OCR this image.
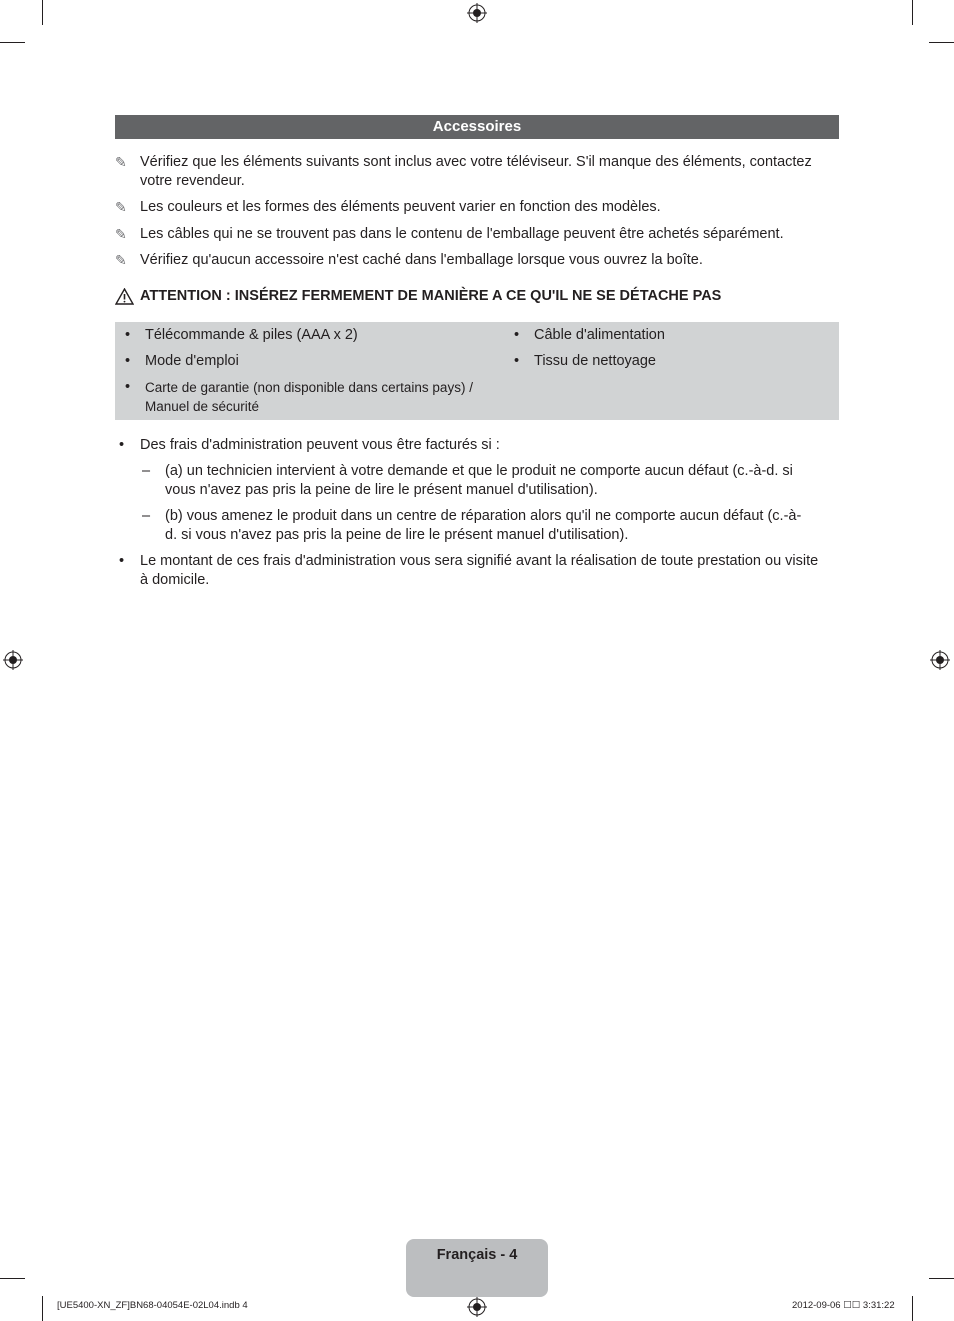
Accessoires
✎ Vérifiez que les éléments suivants sont inclus avec votre téléviseur. S'il manque des éléments, contactez votre revendeur.
✎ Les couleurs et les formes des éléments peuvent varier en fonction des modèles.
✎ Les câbles qui ne se trouvent pas dans le contenu de l'emballage peuvent être achetés séparément.
✎ Vérifiez qu'aucun accessoire n'est caché dans l'emballage lorsque vous ouvrez la boîte.
ATTENTION : INSÉREZ FERMEMENT DE MANIÈRE A CE QU'IL NE SE DÉTACHE PAS
• Télécommande & piles (AAA x 2)
• Mode d'emploi
• Carte de garantie (non disponible dans certains pays) / Manuel de sécurité
• Câble d'alimentation
• Tissu de nettoyage
• Des frais d'administration peuvent vous être facturés si :
– (a) un technicien intervient à votre demande et que le produit ne comporte aucun défaut (c.-à-d. si vous n'avez pas pris la peine de lire le présent manuel d'utilisation).
– (b) vous amenez le produit dans un centre de réparation alors qu'il ne comporte aucun défaut (c.-à-d. si vous n'avez pas pris la peine de lire le présent manuel d'utilisation).
• Le montant de ces frais d'administration vous sera signifié avant la réalisation de toute prestation ou visite à domicile.
Français - 4
[UE5400-XN_ZF]BN68-04054E-02L04.indb 4	2012-09-06 ☐☐ 3:31:22
